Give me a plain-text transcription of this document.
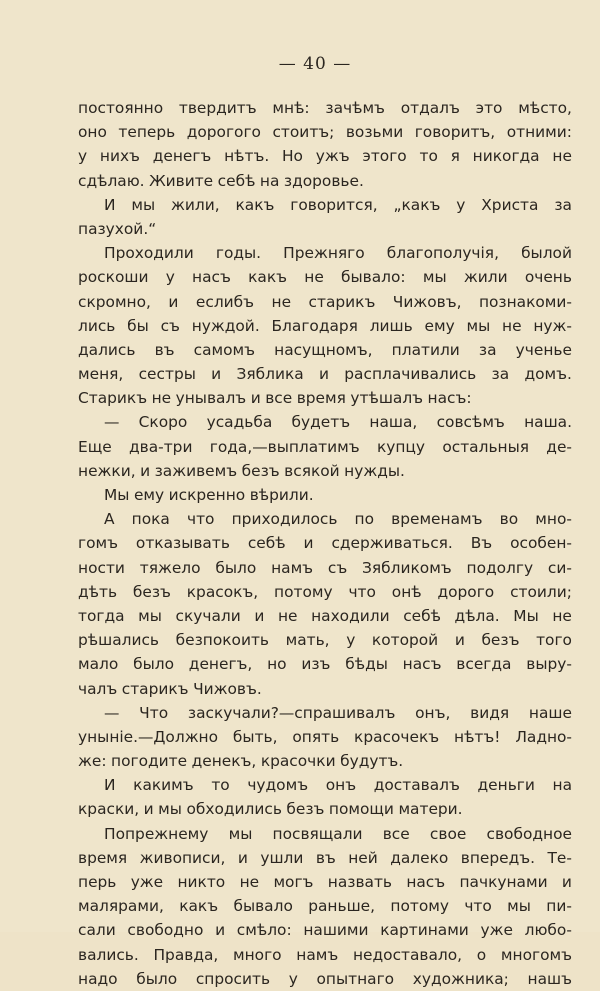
— 40 —
постоянно твердитъ мнѣ: зачѣмъ отдалъ это мѣсто,
оно теперь дорогого стоитъ; возьми говоритъ, отними:
у нихъ денегъ нѣтъ. Но ужъ этого то я никогда не
сдѣлаю. Живите себѣ на здоровье.
И мы жили, какъ говорится, „какъ у Христа за
пазухой.“
Проходили годы. Прежняго благополучія, былой
роскоши у насъ какъ не бывало: мы жили очень
скромно, и еслибъ не старикъ Чижовъ, познакоми-
лись бы съ нуждой. Благодаря лишь ему мы не нуж-
дались въ самомъ насущномъ, платили за ученье
меня, сестры и Зяблика и расплачивались за домъ.
Старикъ не унывалъ и все время утѣшалъ насъ:
— Скоро усадьба будетъ наша, совсѣмъ наша.
Еще два-три года,—выплатимъ купцу остальныя де-
нежки, и заживемъ безъ всякой нужды.
Мы ему искренно вѣрили.
А пока что приходилось по временамъ во мно-
гомъ отказывать себѣ и сдерживаться. Въ особен-
ности тяжело было намъ съ Зябликомъ подолгу си-
дѣть безъ красокъ, потому что онѣ дорого стоили;
тогда мы скучали и не находили себѣ дѣла. Мы не
рѣшались безпокоить мать, у которой и безъ того
мало было денегъ, но изъ бѣды насъ всегда выру-
чалъ старикъ Чижовъ.
— Что заскучали?—спрашивалъ онъ, видя наше
уныніе.—Должно быть, опять красочекъ нѣтъ! Ладно-
же: погодите денекъ, красочки будутъ.
И какимъ то чудомъ онъ доставалъ деньги на
краски, и мы обходились безъ помощи матери.
Попрежнему мы посвящали все свое свободное
время живописи, и ушли въ ней далеко впередъ. Те-
перь уже никто не могъ назвать насъ пачкунами и
малярами, какъ бывало раньше, потому что мы пи-
сали свободно и смѣло: нашими картинами уже любо-
вались. Правда, много намъ недоставало, о многомъ
надо было спросить у опытнаго художника; нашъ
